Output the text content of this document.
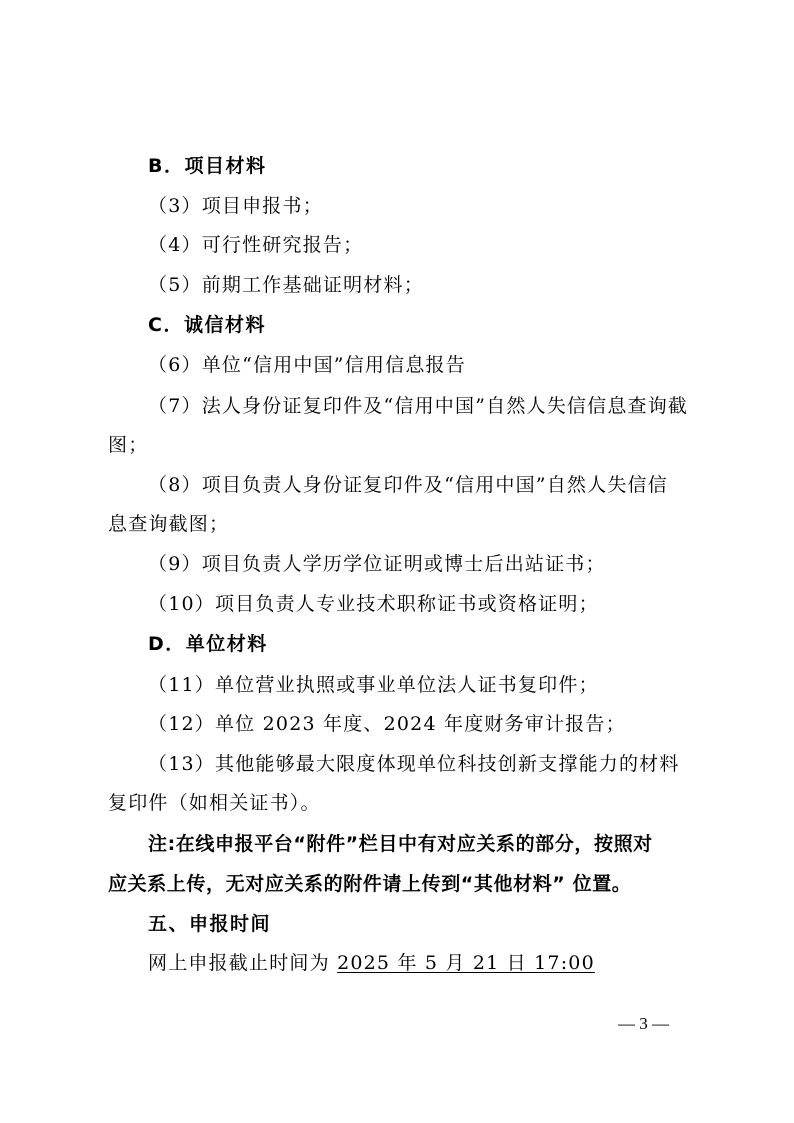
B．项目材料
（3）项目申报书；
（4）可行性研究报告；
（5）前期工作基础证明材料；
C．诚信材料
（6）单位“信用中国”信用信息报告
（7）法人身份证复印件及“信用中国”自然人失信信息查询截
图；
（8）项目负责人身份证复印件及“信用中国”自然人失信信
息查询截图；
（9）项目负责人学历学位证明或博士后出站证书；
（10）项目负责人专业技术职称证书或资格证明；
D．单位材料
（11）单位营业执照或事业单位法人证书复印件；
（12）单位 2023 年度、2024 年度财务审计报告；
（13）其他能够最大限度体现单位科技创新支撑能力的材料
复印件（如相关证书）。
注:在线申报平台“附件”栏目中有对应关系的部分，按照对
应关系上传，无对应关系的附件请上传到“其他材料” 位置。
五、申报时间
网上申报截止时间为 2025 年 5 月 21 日 17:00
— 3 —
